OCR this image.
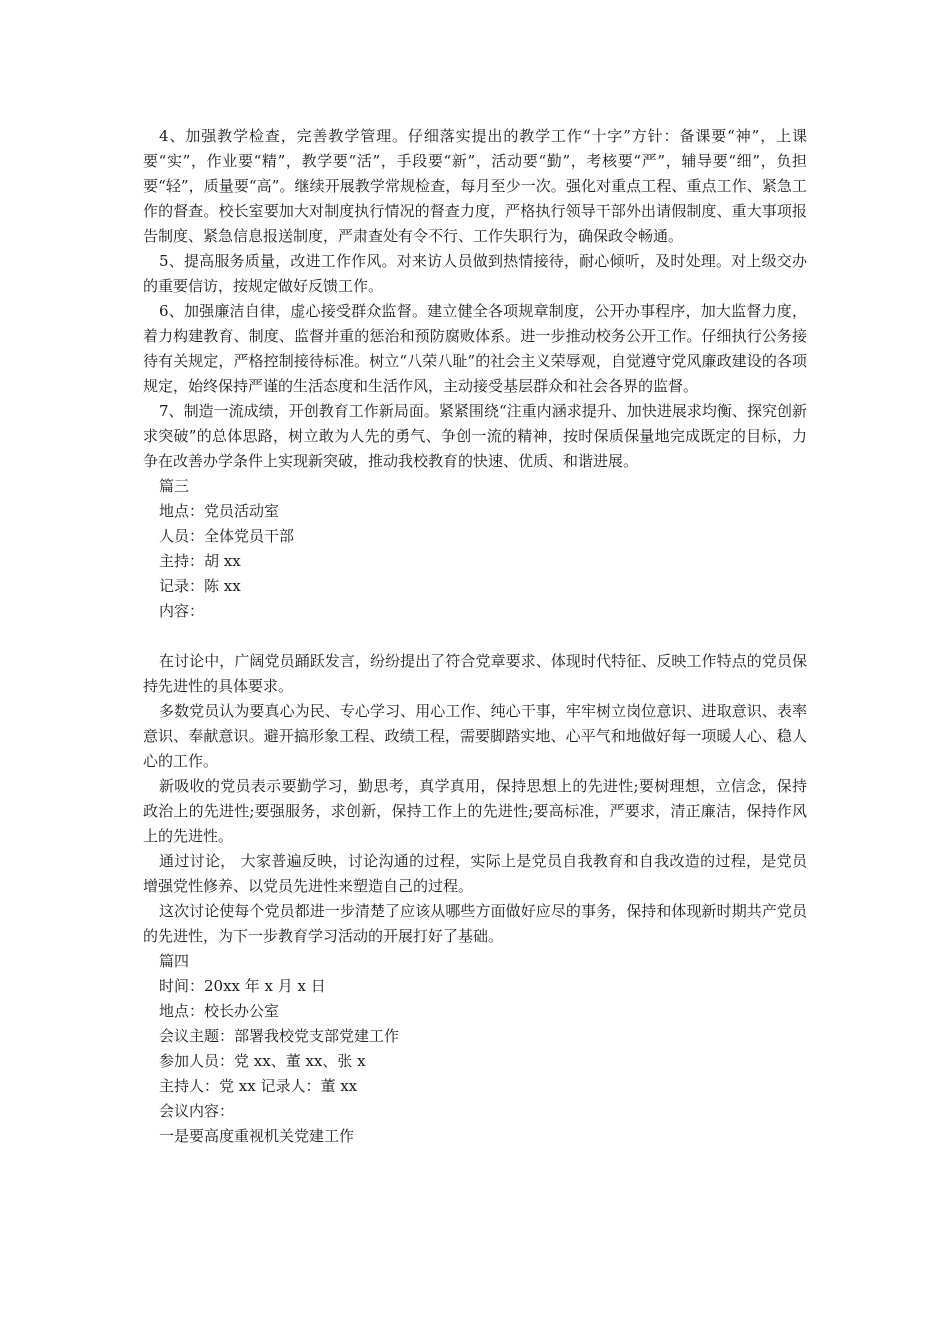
4、加强教学检查，完善教学管理。仔细落实提出的教学工作“十字”方针：备课要“神”，上课要“实”，作业要“精”，教学要“活”，手段要“新”，活动要“勤”，考核要“严”，辅导要“细”，负担要“轻”，质量要“高”。继续开展教学常规检查，每月至少一次。强化对重点工程、重点工作、紧急工作的督查。校长室要加大对制度执行情况的督查力度，严格执行领导干部外出请假制度、重大事项报告制度、紧急信息报送制度，严肃查处有令不行、工作失职行为，确保政令畅通。

5、提高服务质量，改进工作作风。对来访人员做到热情接待，耐心倾听，及时处理。对上级交办的重要信访，按规定做好反馈工作。

6、加强廉洁自律，虚心接受群众监督。建立健全各项规章制度，公开办事程序，加大监督力度，着力构建教育、制度、监督并重的惩治和预防腐败体系。进一步推动校务公开工作。仔细执行公务接待有关规定，严格控制接待标准。树立“八荣八耻”的社会主义荣辱观，自觉遵守党风廉政建设的各项规定，始终保持严谨的生活态度和生活作风，主动接受基层群众和社会各界的监督。

7、制造一流成绩，开创教育工作新局面。紧紧围绕“注重内涵求提升、加快进展求均衡、探究创新求突破”的总体思路，树立敢为人先的勇气、争创一流的精神，按时保质保量地完成既定的目标，力争在改善办学条件上实现新突破，推动我校教育的快速、优质、和谐进展。

篇三

地点：党员活动室

人员：全体党员干部

主持：胡 xx

记录：陈 xx

内容：

在讨论中，广阔党员踊跃发言，纷纷提出了符合党章要求、体现时代特征、反映工作特点的党员保持先进性的具体要求。

多数党员认为要真心为民、专心学习、用心工作、纯心干事，牢牢树立岗位意识、进取意识、表率意识、奉献意识。避开搞形象工程、政绩工程，需要脚踏实地、心平气和地做好每一项暖人心、稳人心的工作。

新吸收的党员表示要勤学习，勤思考，真学真用，保持思想上的先进性;要树理想，立信念，保持政治上的先进性;要强服务，求创新，保持工作上的先进性;要高标准，严要求，清正廉洁，保持作风上的先进性。

通过讨论， 大家普遍反映，讨论沟通的过程，实际上是党员自我教育和自我改造的过程，是党员增强党性修养、以党员先进性来塑造自己的过程。

这次讨论使每个党员都进一步清楚了应该从哪些方面做好应尽的事务，保持和体现新时期共产党员的先进性，为下一步教育学习活动的开展打好了基础。

篇四

时间：20xx 年 x 月 x 日

地点：校长办公室

会议主题：部署我校党支部党建工作

参加人员：党 xx、董 xx、张 x

主持人：党 xx 记录人：董 xx

会议内容：

一是要高度重视机关党建工作
